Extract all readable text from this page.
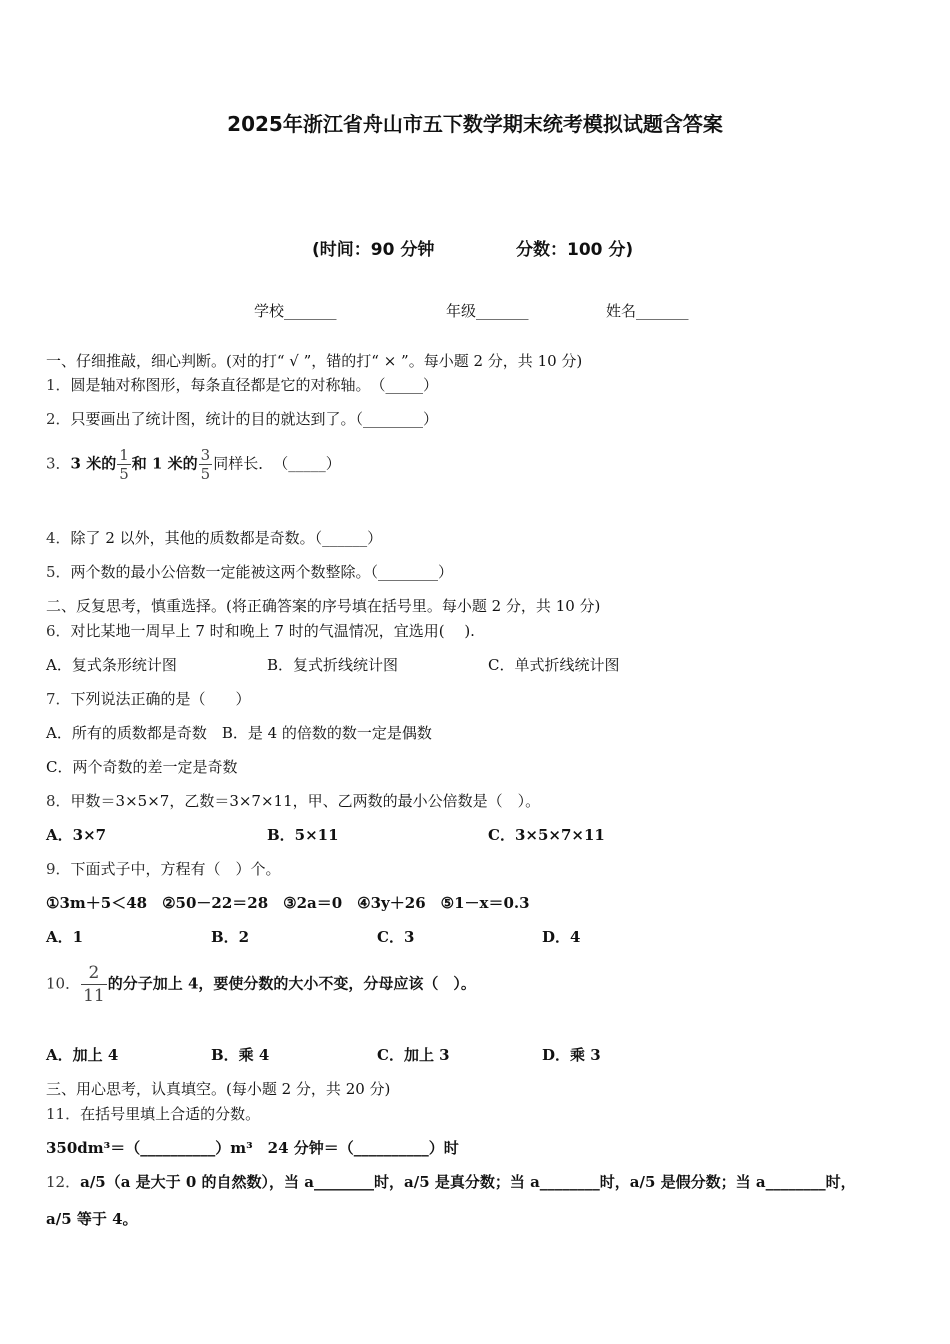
2025年浙江省舟山市五下数学期末统考模拟试题含答案
(时间：90 分钟	分数：100 分)
学校_______	年级_______	姓名_______
一、仔细推敲，细心判断。(对的打“ √ ”，错的打“ × ”。每小题 2 分，共 10 分)
1．圆是轴对称图形，每条直径都是它的对称轴。　（_____）
2．只要画出了统计图，统计的目的就达到了。（________）
3．3 米的 $\frac{1}{5}$ 和 1 米的 $\frac{3}{5}$ 同样长．　（_____）
4．除了 2 以外，其他的质数都是奇数。（______）
5．两个数的最小公倍数一定能被这两个数整除。（________）
二、反复思考，慎重选择。(将正确答案的序号填在括号里。每小题 2 分，共 10 分)
6．对比某地一周早上 7 时和晚上 7 时的气温情况，宜选用(　 ).
A．复式条形统计图	B．复式折线统计图	C．单式折线统计图
7．下列说法正确的是（　　）
A．所有的质数都是奇数　B．是 4 的倍数的数一定是偶数
C．两个奇数的差一定是奇数
8．甲数＝3×5×7，乙数＝3×7×11，甲、乙两数的最小公倍数是（　）。
A．3×7	B．5×11	C．3×5×7×11
9．下面式子中，方程有（　）个。
①3m＋5＜48　②50－22＝28　③2a＝0　④3y＋26　⑤1－x＝0.3
A．1	B．2	C．3	D．4
10． $\frac{2}{11}$ 的分子加上 4，要使分数的大小不变，分母应该（　）。
A．加上 4	B．乘 4	C．加上 3	D．乘 3
三、用心思考，认真填空。(每小题 2 分，共 20 分)
11．在括号里填上合适的分数。
350dm³＝（__________）m³　24 分钟＝（__________）时
12．a/5（a 是大于 0 的自然数），当 a________时，a/5 是真分数；当 a________时，a/5 是假分数；当 a________时，
a/5 等于 4。
